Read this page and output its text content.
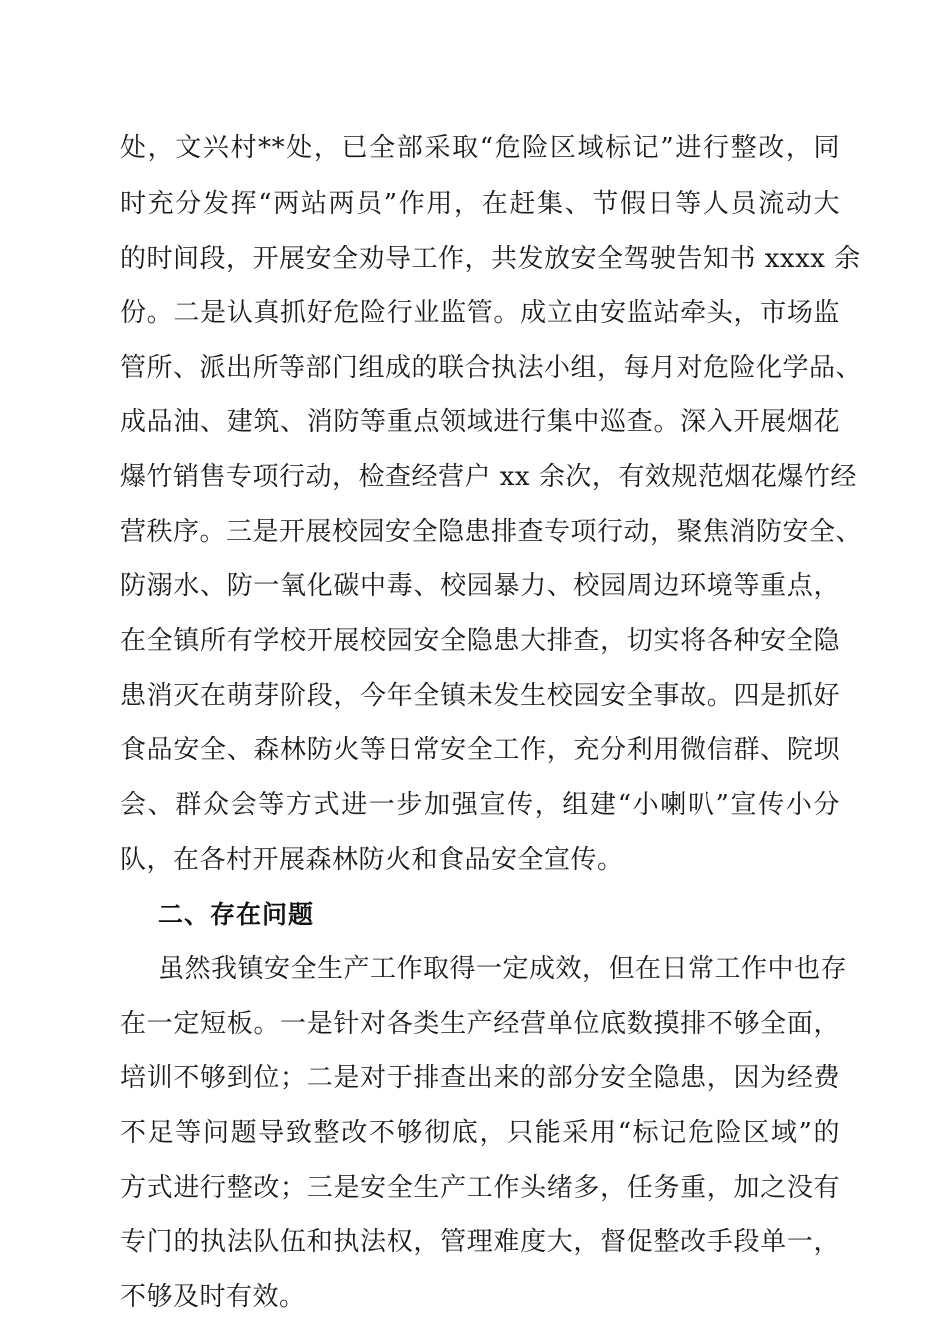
处，文兴村**处，已全部采取“危险区域标记”进行整改，同

时充分发挥“两站两员”作用，在赶集、节假日等人员流动大

的时间段，开展安全劝导工作，共发放安全驾驶告知书 xxxx 余

份。二是认真抓好危险行业监管。成立由安监站牵头，市场监

管所、派出所等部门组成的联合执法小组，每月对危险化学品、

成品油、建筑、消防等重点领域进行集中巡查。深入开展烟花

爆竹销售专项行动，检查经营户 xx 余次，有效规范烟花爆竹经

营秩序。三是开展校园安全隐患排查专项行动，聚焦消防安全、

防溺水、防一氧化碳中毒、校园暴力、校园周边环境等重点，

在全镇所有学校开展校园安全隐患大排查，切实将各种安全隐

患消灭在萌芽阶段，今年全镇未发生校园安全事故。四是抓好

食品安全、森林防火等日常安全工作，充分利用微信群、院坝

会、群众会等方式进一步加强宣传，组建“小喇叭”宣传小分

队，在各村开展森林防火和食品安全宣传。

二、存在问题

虽然我镇安全生产工作取得一定成效，但在日常工作中也存

在一定短板。一是针对各类生产经营单位底数摸排不够全面，

培训不够到位；二是对于排查出来的部分安全隐患，因为经费

不足等问题导致整改不够彻底，只能采用“标记危险区域”的

方式进行整改；三是安全生产工作头绪多，任务重，加之没有

专门的执法队伍和执法权，管理难度大，督促整改手段单一，

不够及时有效。
